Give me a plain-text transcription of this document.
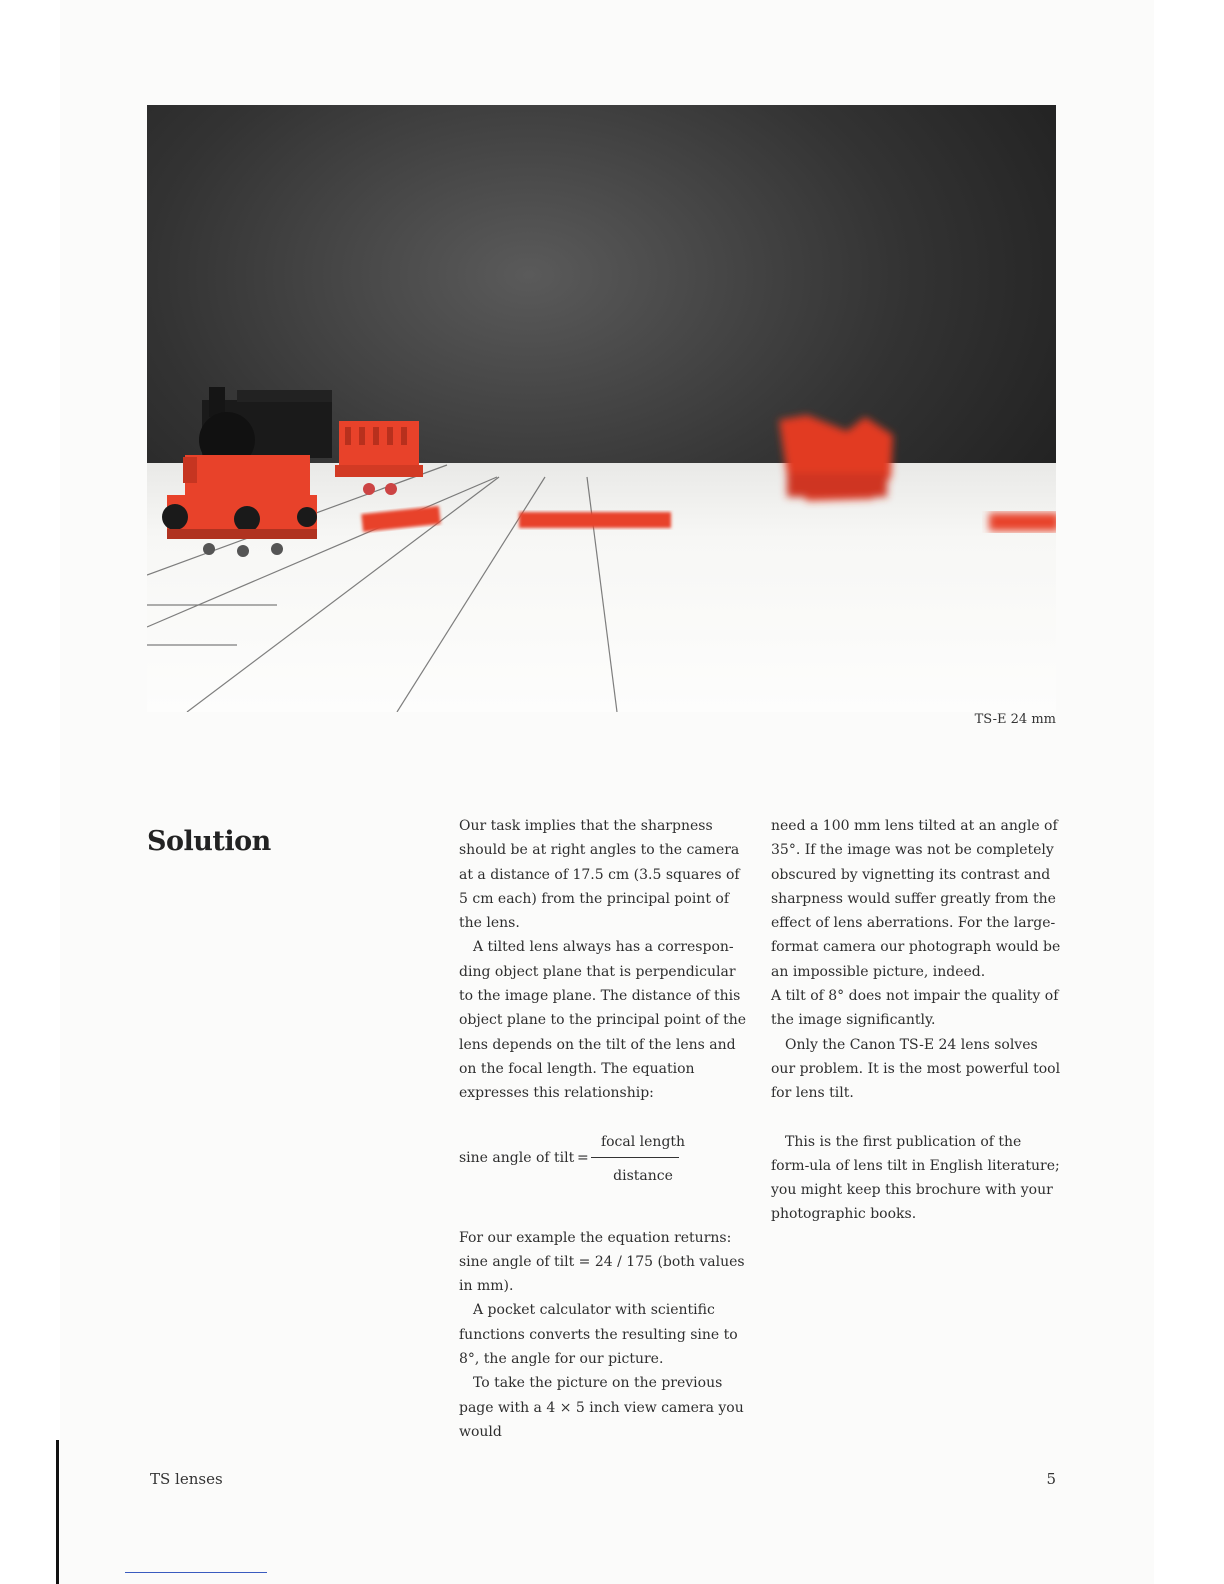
TS-E 24 mm
Solution	Our task implies that the sharpness should be at right angles to the camera at a distance of 17.5 cm (3.5 squares of 5 cm each) from the principal point of the lens.

A tilted lens always has a correspon-ding object plane that is perpendicular to the image plane. The distance of this object plane to the principal point of the lens depends on the tilt of the lens and on the focal length. The equation expresses this relationship:

sine angle of tilt =
focal length
distance

For our example the equation returns: sine angle of tilt = 24 / 175 (both values in mm).

A pocket calculator with scientific functions converts the resulting sine to 8°, the angle for our picture.

To take the picture on the previous page with a 4 × 5 inch view camera you would

need a 100 mm lens tilted at an angle of 35°. If the image was not be completely obscured by vignetting its contrast and sharpness would suffer greatly from the effect of lens aberrations. For the large-format camera our photograph would be an impossible picture, indeed.

A tilt of 8° does not impair the quality of the image significantly.

Only the Canon TS-E 24 lens solves our problem. It is the most powerful tool for lens tilt.

This is the first publication of the form-ula of lens tilt in English literature; you might keep this brochure with your photographic books.

TS lenses	5
